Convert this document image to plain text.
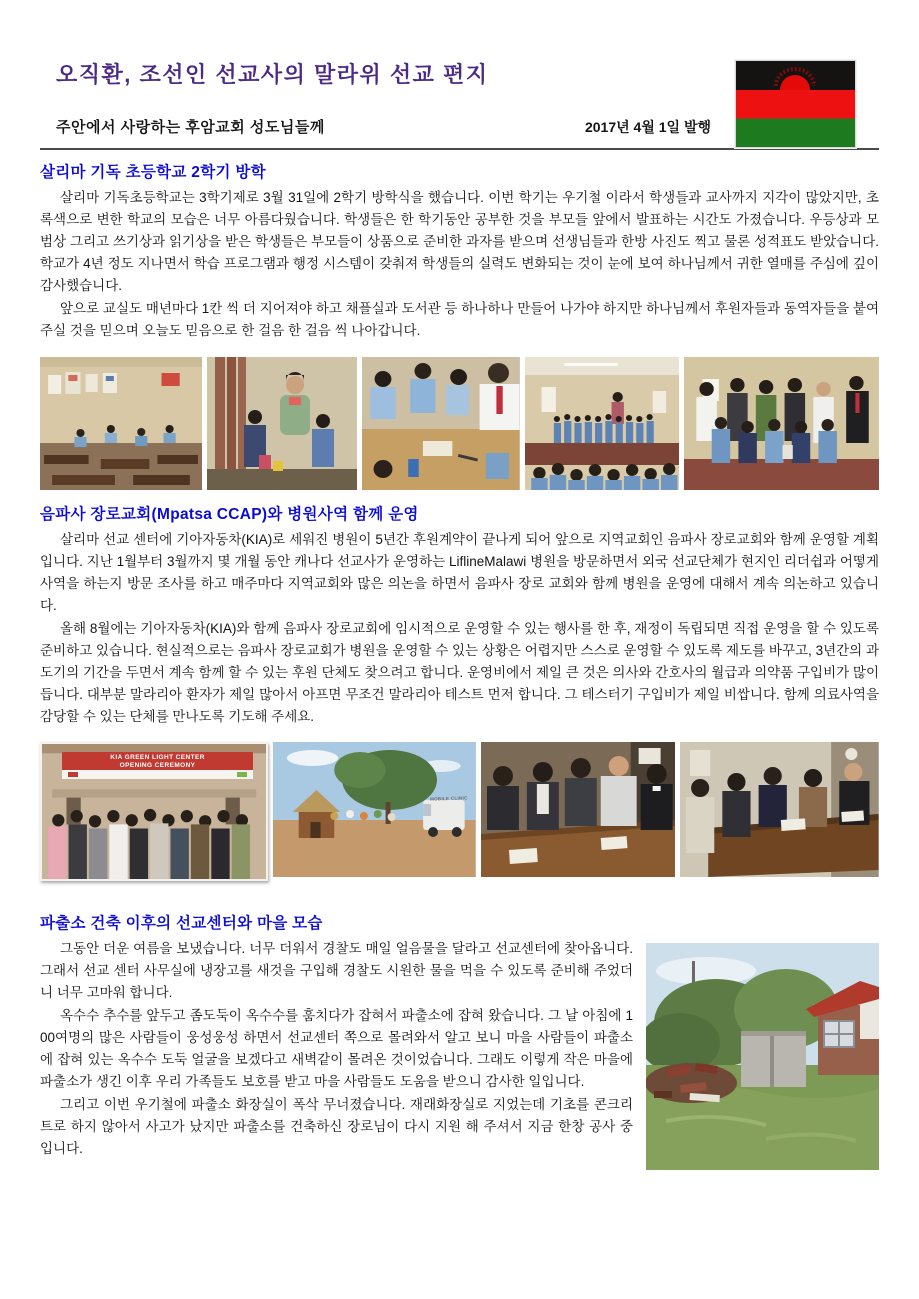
오직환, 조선인 선교사의 말라위 선교 편지
주안에서 사랑하는 후암교회 성도님들께	2017년 4월 1일 발행
살리마 기독 초등학교 2학기 방학

살리마 기독초등학교는 3학기제로 3월 31일에 2학기 방학식을 했습니다. 이번 학기는 우기철 이라서 학생들과 교사까지 지각이 많았지만, 초록색으로 변한 학교의 모습은 너무 아름다웠습니다. 학생들은 한 학기동안 공부한 것을 부모들 앞에서 발표하는 시간도 가졌습니다. 우등상과 모범상 그리고 쓰기상과 읽기상을 받은 학생들은 부모들이 상품으로 준비한 과자를 받으며 선생님들과 한방 사진도 찍고 물론 성적표도 받았습니다. 학교가 4년 정도 지나면서 학습 프로그램과 행정 시스템이 갖춰져 학생들의 실력도 변화되는 것이 눈에 보여 하나님께서 귀한 열매를 주심에 깊이 감사했습니다.

앞으로 교실도 매년마다 1칸 씩 더 지어져야 하고 채플실과 도서관 등 하나하나 만들어 나가야 하지만 하나님께서 후원자들과 동역자들을 붙여 주실 것을 믿으며 오늘도 믿음으로 한 걸음 한 걸음 씩 나아갑니다.

음파사 장로교회(Mpatsa CCAP)와 병원사역 함께 운영

살리마 선교 센터에 기아자동차(KIA)로 세워진 병원이 5년간 후원계약이 끝나게 되어 앞으로 지역교회인 음파사 장로교회와 함께 운영할 계획입니다. 지난 1월부터 3월까지 몇 개월 동안 캐나다 선교사가 운영하는 LiflineMalawi 병원을 방문하면서 외국 선교단체가 현지인 리더쉽과 어떻게 사역을 하는지 방문 조사를 하고 매주마다 지역교회와 많은 의논을 하면서 음파사 장로 교회와 함께 병원을 운영에 대해서 계속 의논하고 있습니다.

올해 8월에는 기아자동차(KIA)와 함께 음파사 장로교회에 임시적으로 운영할 수 있는 행사를 한 후, 재정이 독립되면 직접 운영을 할 수 있도록 준비하고 있습니다. 현실적으로는 음파사 장로교회가 병원을 운영할 수 있는 상황은 어렵지만 스스로 운영할 수 있도록 제도를 바꾸고, 3년간의 과도기의 기간을 두면서 계속 함께 할 수 있는 후원 단체도 찾으려고 합니다. 운영비에서 제일 큰 것은 의사와 간호사의 월급과 의약품 구입비가 많이 듭니다. 대부분 말라리아 환자가 제일 많아서 아프면 무조건 말라리아 테스트 먼저 합니다. 그 테스터기 구입비가 제일 비쌉니다. 함께 의료사역을 감당할 수 있는 단체를 만나도록 기도해 주세요.

KIA GREEN LIGHT CENTER
OPENING CEREMONY
MOBILE CLINIC
파출소 건축 이후의 선교센터와 마을 모습

그동안 더운 여름을 보냈습니다. 너무 더워서 경찰도 매일 얼음물을 달라고 선교센터에 찾아옵니다. 그래서 선교 센터 사무실에 냉장고를 새것을 구입해 경찰도 시원한 물을 먹을 수 있도록 준비해 주었더니 너무 고마워 합니다.

옥수수 추수를 앞두고 좀도둑이 옥수수를 훔치다가 잡혀서 파출소에 잡혀 왔습니다. 그 날 아침에 100여명의 많은 사람들이 웅성웅성 하면서 선교센터 쪽으로 몰려와서 알고 보니 마을 사람들이 파출소에 잡혀 있는 옥수수 도둑 얼굴을 보겠다고 새벽같이 몰려온 것이었습니다. 그래도 이렇게 작은 마을에 파출소가 생긴 이후 우리 가족들도 보호를 받고 마을 사람들도 도움을 받으니 감사한 일입니다.

그리고 이번 우기철에 파출소 화장실이 폭삭 무너졌습니다. 재래화장실로 지었는데 기초를 콘크리트로 하지 않아서 사고가 났지만 파출소를 건축하신 장로님이 다시 지원 해 주셔서 지금 한창 공사 중 입니다.
